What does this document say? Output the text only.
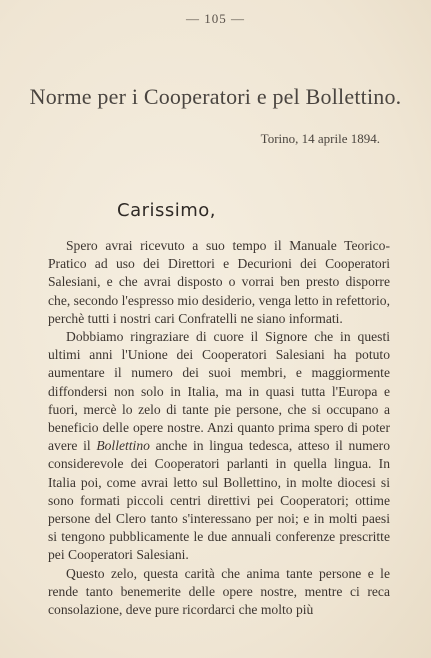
— 105 —
Norme per i Cooperatori e pel Bollettino.
Torino, 14 aprile 1894.
Carissimo,

Spero avrai ricevuto a suo tempo il Manuale Teorico-Pratico ad uso dei Direttori e Decurioni dei Cooperatori Salesiani, e che avrai disposto o vorrai ben presto disporre che, secondo l'espresso mio desiderio, venga letto in refettorio, perchè tutti i nostri cari Confratelli ne siano informati.

Dobbiamo ringraziare di cuore il Signore che in questi ultimi anni l'Unione dei Cooperatori Salesiani ha potuto aumentare il numero dei suoi membri, e maggiormente diffondersi non solo in Italia, ma in quasi tutta l'Europa e fuori, mercè lo zelo di tante pie persone, che si occupano a beneficio delle opere nostre. Anzi quanto prima spero di poter avere il Bollettino anche in lingua tedesca, atteso il numero considerevole dei Cooperatori parlanti in quella lingua. In Italia poi, come avrai letto sul Bollettino, in molte diocesi si sono formati piccoli centri direttivi pei Cooperatori; ottime persone del Clero tanto s'interessano per noi; e in molti paesi si tengono pubblicamente le due annuali conferenze prescritte pei Cooperatori Salesiani.

Questo zelo, questa carità che anima tante persone e le rende tanto benemerite delle opere nostre, mentre ci reca consolazione, deve pure ricordarci che molto più
